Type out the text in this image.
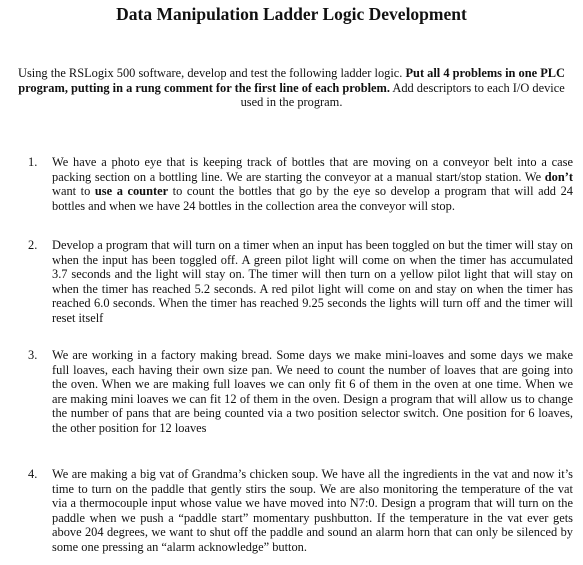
Data Manipulation Ladder Logic Development
Using the RSLogix 500 software, develop and test the following ladder logic. Put all 4 problems in one PLC program, putting in a rung comment for the first line of each problem. Add descriptors to each I/O device used in the program.
1. We have a photo eye that is keeping track of bottles that are moving on a conveyor belt into a case packing section on a bottling line. We are starting the conveyor at a manual start/stop station. We don’t want to use a counter to count the bottles that go by the eye so develop a program that will add 24 bottles and when we have 24 bottles in the collection area the conveyor will stop.
2. Develop a program that will turn on a timer when an input has been toggled on but the timer will stay on when the input has been toggled off. A green pilot light will come on when the timer has accumulated 3.7 seconds and the light will stay on. The timer will then turn on a yellow pilot light that will stay on when the timer has reached 5.2 seconds. A red pilot light will come on and stay on when the timer has reached 6.0 seconds. When the timer has reached 9.25 seconds the lights will turn off and the timer will reset itself
3. We are working in a factory making bread. Some days we make mini-loaves and some days we make full loaves, each having their own size pan. We need to count the number of loaves that are going into the oven. When we are making full loaves we can only fit 6 of them in the oven at one time. When we are making mini loaves we can fit 12 of them in the oven. Design a program that will allow us to change the number of pans that are being counted via a two position selector switch. One position for 6 loaves, the other position for 12 loaves
4. We are making a big vat of Grandma’s chicken soup. We have all the ingredients in the vat and now it’s time to turn on the paddle that gently stirs the soup. We are also monitoring the temperature of the vat via a thermocouple input whose value we have moved into N7:0. Design a program that will turn on the paddle when we push a “paddle start” momentary pushbutton. If the temperature in the vat ever gets above 204 degrees, we want to shut off the paddle and sound an alarm horn that can only be silenced by some one pressing an “alarm acknowledge” button.
